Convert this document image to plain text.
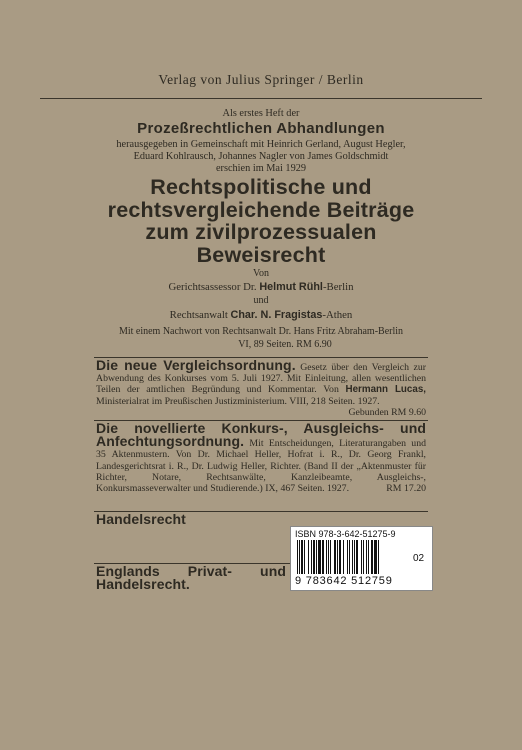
Verlag von Julius Springer / Berlin
Als erstes Heft der
Prozeßrechtlichen Abhandlungen
herausgegeben in Gemeinschaft mit Heinrich Gerland, August Hegler,
Eduard Kohlrausch, Johannes Nagler von James Goldschmidt
erschien im Mai 1929
Rechtspolitische und
rechtsvergleichende Beiträge
zum zivilprozessualen
Beweisrecht
Von
Gerichtsassessor Dr. Helmut Rühl-Berlin
und
Rechtsanwalt Char. N. Fragistas-Athen
Mit einem Nachwort von Rechtsanwalt Dr. Hans Fritz Abraham-Berlin
VI, 89 Seiten. RM 6.90
Die neue Vergleichsordnung. Gesetz über den Vergleich zur Abwendung des Konkurses vom 5. Juli 1927. Mit Einleitung, allen wesentlichen Teilen der amtlichen Begründung und Kommentar. Von Hermann Lucas, Ministerialrat im Preußischen Justizministerium. VIII, 218 Seiten. 1927.
Gebunden RM 9.60
Die novellierte Konkurs-, Ausgleichs- und Anfechtungsordnung. Mit Entscheidungen, Literaturangaben und 35 Aktenmustern. Von Dr. Michael Heller, Hofrat i. R., Dr. Georg Frankl, Landesgerichtsrat i. R., Dr. Ludwig Heller, Richter. (Band II der „Aktenmuster für Richter, Notare, Rechtsanwälte, Kanzleibeamte, Ausgleichs-, Konkursmasseverwalter und Studierende.) IX, 467 Seiten. 1927.	RM 17.20
Handelsrecht
Englands Privat- und Handelsrecht.
ISBN 978-3-642-51275-9
02
9 783642 512759
